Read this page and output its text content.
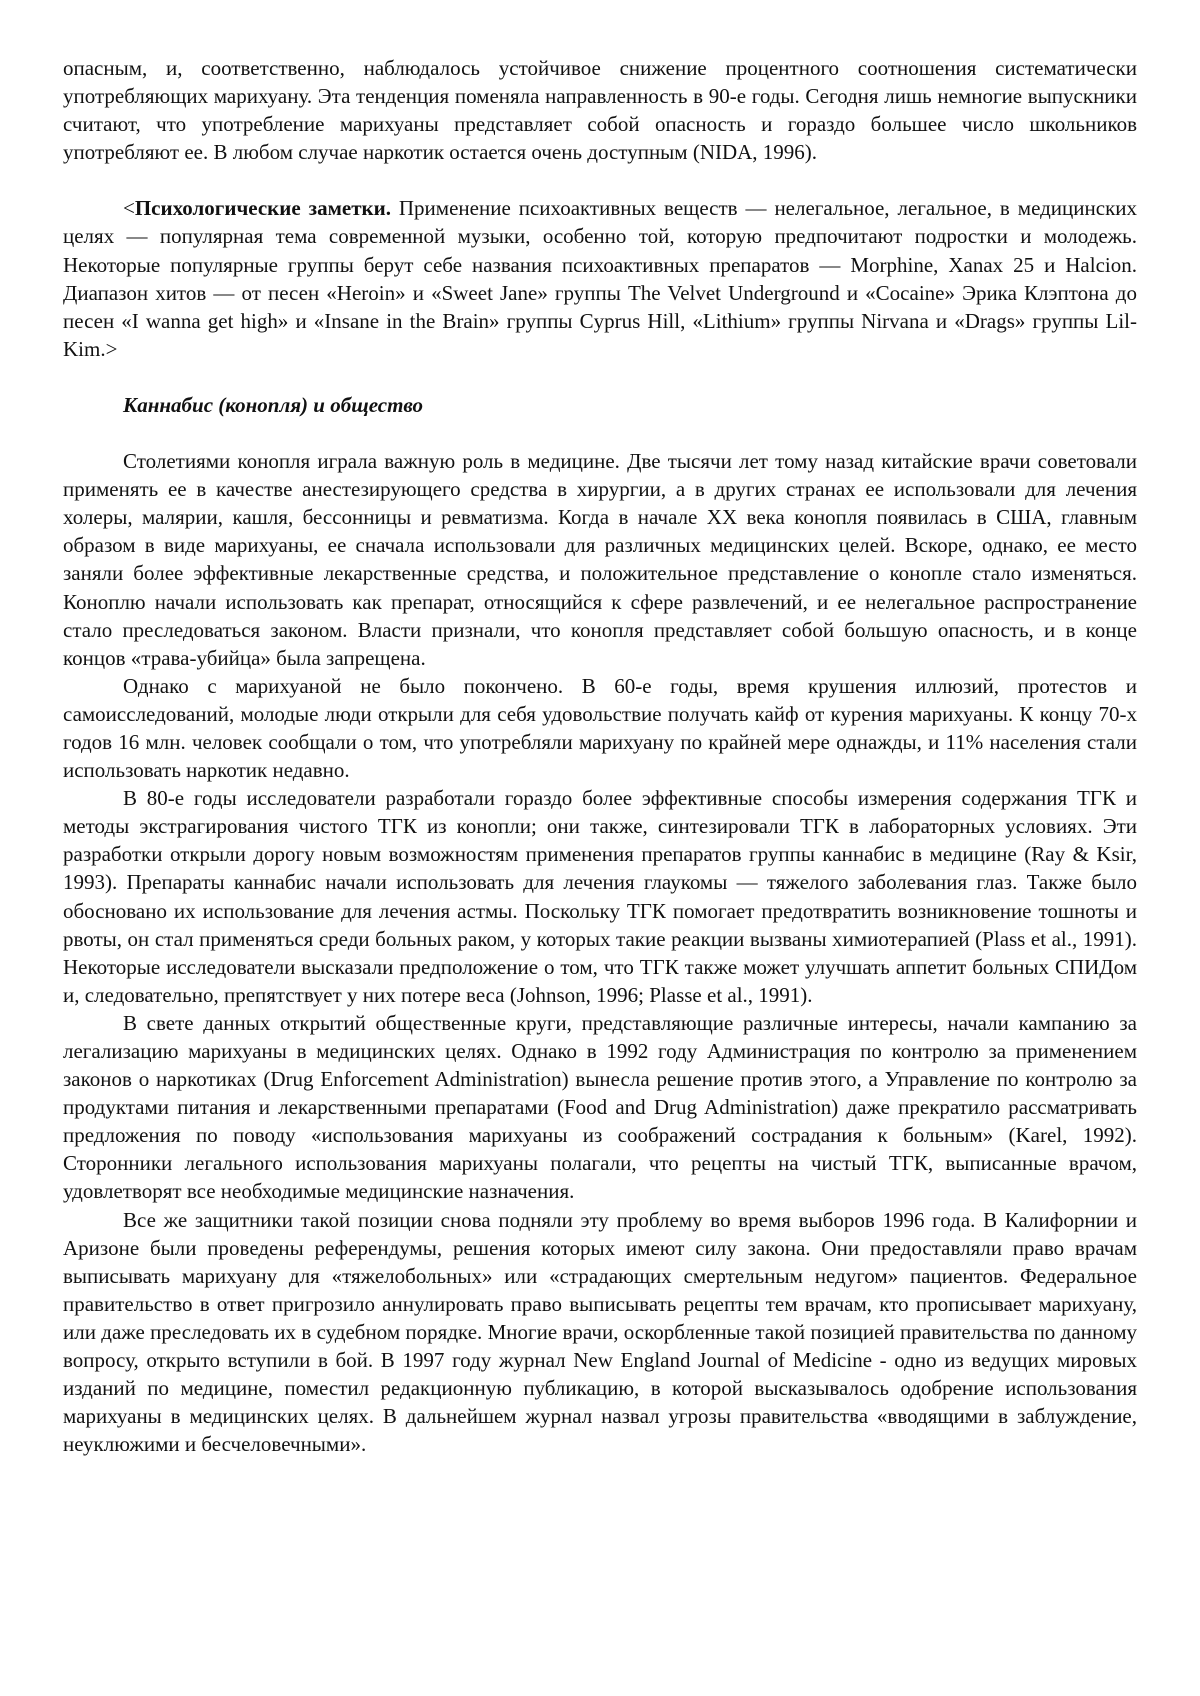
опасным, и, соответственно, наблюдалось устойчивое снижение процентного соотношения систематически употребляющих марихуану. Эта тенденция поменяла направленность в 90-е годы. Сегодня лишь немногие выпускники считают, что употребление марихуаны представляет собой опасность и гораздо большее число школьников употребляют ее. В любом случае наркотик остается очень доступным (NIDA, 1996).

<Психологические заметки. Применение психоактивных веществ — нелегальное, легальное, в медицинских целях — популярная тема современной музыки, особенно той, которую предпочитают подростки и молодежь. Некоторые популярные группы берут себе названия психоактивных препаратов — Morphine, Xanax 25 и Halcion. Диапазон хитов — от песен «Heroin» и «Sweet Jane» группы The Velvet Underground и «Cocaine» Эрика Клэптона до песен «I wanna get high» и «Insane in the Brain» группы Cyprus Hill, «Lithium» группы Nirvana и «Drags» группы Lil-Kim.>

Каннабис (конопля) и общество

Столетиями конопля играла важную роль в медицине. Две тысячи лет тому назад китайские врачи советовали применять ее в качестве анестезирующего средства в хирургии, а в других странах ее использовали для лечения холеры, малярии, кашля, бессонницы и ревматизма. Когда в начале XX века конопля появилась в США, главным образом в виде марихуаны, ее сначала использовали для различных медицинских целей. Вскоре, однако, ее место заняли более эффективные лекарственные средства, и положительное представление о конопле стало изменяться. Коноплю начали использовать как препарат, относящийся к сфере развлечений, и ее нелегальное распространение стало преследоваться законом. Власти признали, что конопля представляет собой большую опасность, и в конце концов «трава-убийца» была запрещена.

Однако с марихуаной не было покончено. В 60-е годы, время крушения иллюзий, протестов и самоисследований, молодые люди открыли для себя удовольствие получать кайф от курения марихуаны. К концу 70-х годов 16 млн. человек сообщали о том, что употребляли марихуану по крайней мере однажды, и 11% населения стали использовать наркотик недавно.

В 80-е годы исследователи разработали гораздо более эффективные способы измерения содержания ТГК и методы экстрагирования чистого ТГК из конопли; они также, синтезировали ТГК в лабораторных условиях. Эти разработки открыли дорогу новым возможностям применения препаратов группы каннабис в медицине (Ray & Ksir, 1993). Препараты каннабис начали использовать для лечения глаукомы — тяжелого заболевания глаз. Также было обосновано их использование для лечения астмы. Поскольку ТГК помогает предотвратить возникновение тошноты и рвоты, он стал применяться среди больных раком, у которых такие реакции вызваны химиотерапией (Plass et al., 1991). Некоторые исследователи высказали предположение о том, что ТГК также может улучшать аппетит больных СПИДом и, следовательно, препятствует у них потере веса (Johnson, 1996; Plasse et al., 1991).

В свете данных открытий общественные круги, представляющие различные интересы, начали кампанию за легализацию марихуаны в медицинских целях. Однако в 1992 году Администрация по контролю за применением законов о наркотиках (Drug Enforcement Administration) вынесла решение против этого, а Управление по контролю за продуктами питания и лекарственными препаратами (Food and Drug Administration) даже прекратило рассматривать предложения по поводу «использования марихуаны из соображений сострадания к больным» (Karel, 1992). Сторонники легального использования марихуаны полагали, что рецепты на чистый ТГК, выписанные врачом, удовлетворят все необходимые медицинские назначения.

Все же защитники такой позиции снова подняли эту проблему во время выборов 1996 года. В Калифорнии и Аризоне были проведены референдумы, решения которых имеют силу закона. Они предоставляли право врачам выписывать марихуану для «тяжелобольных» или «страдающих смертельным недугом» пациентов. Федеральное правительство в ответ пригрозило аннулировать право выписывать рецепты тем врачам, кто прописывает марихуану, или даже преследовать их в судебном порядке. Многие врачи, оскорбленные такой позицией правительства по данному вопросу, открыто вступили в бой. В 1997 году журнал New England Journal of Medicine - одно из ведущих мировых изданий по медицине, поместил редакционную публикацию, в которой высказывалось одобрение использования марихуаны в медицинских целях. В дальнейшем журнал назвал угрозы правительства «вводящими в заблуждение, неуклюжими и бесчеловечными».
